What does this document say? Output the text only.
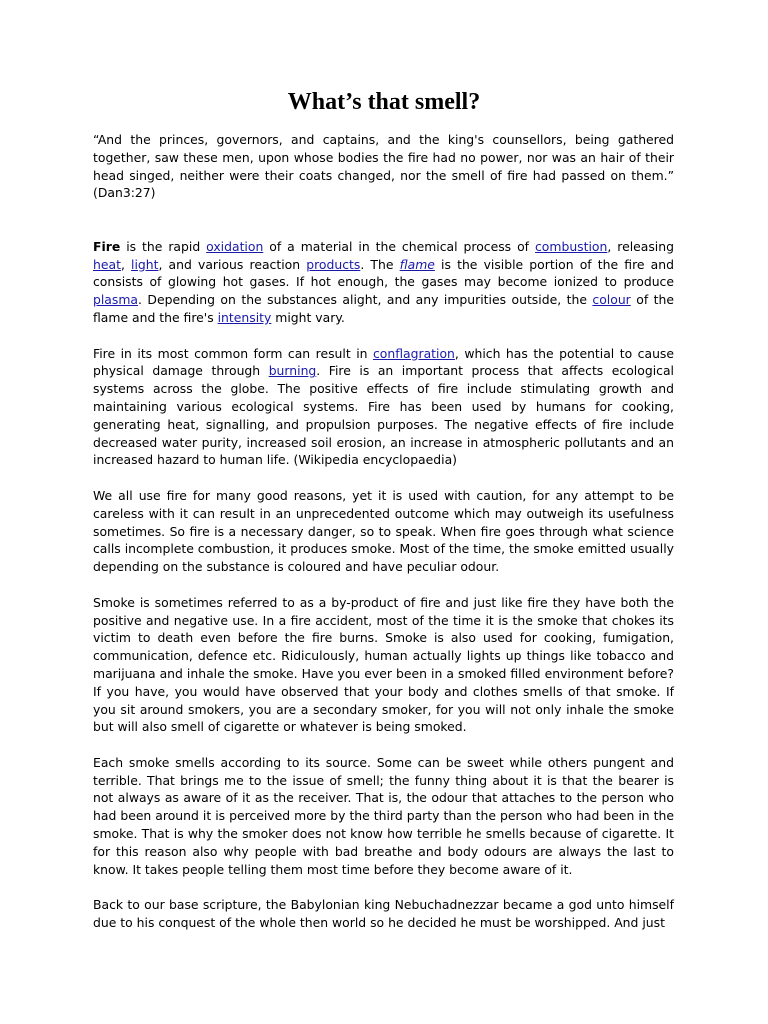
What’s that smell?

“And the princes, governors, and captains, and the king's counsellors, being gathered together, saw these men, upon whose bodies the fire had no power, nor was an hair of their head singed, neither were their coats changed, nor the smell of fire had passed on them.” (Dan3:27)

Fire is the rapid oxidation of a material in the chemical process of combustion, releasing heat, light, and various reaction products. The flame is the visible portion of the fire and consists of glowing hot gases. If hot enough, the gases may become ionized to produce plasma. Depending on the substances alight, and any impurities outside, the colour of the flame and the fire's intensity might vary.

Fire in its most common form can result in conflagration, which has the potential to cause physical damage through burning. Fire is an important process that affects ecological systems across the globe. The positive effects of fire include stimulating growth and maintaining various ecological systems. Fire has been used by humans for cooking, generating heat, signalling, and propulsion purposes. The negative effects of fire include decreased water purity, increased soil erosion, an increase in atmospheric pollutants and an increased hazard to human life. (Wikipedia encyclopaedia)

We all use fire for many good reasons, yet it is used with caution, for any attempt to be careless with it can result in an unprecedented outcome which may outweigh its usefulness sometimes. So fire is a necessary danger, so to speak. When fire goes through what science calls incomplete combustion, it produces smoke. Most of the time, the smoke emitted usually depending on the substance is coloured and have peculiar odour.

Smoke is sometimes referred to as a by-product of fire and just like fire they have both the positive and negative use. In a fire accident, most of the time it is the smoke that chokes its victim to death even before the fire burns. Smoke is also used for cooking, fumigation, communication, defence etc. Ridiculously, human actually lights up things like tobacco and marijuana and inhale the smoke. Have you ever been in a smoked filled environment before? If you have, you would have observed that your body and clothes smells of that smoke. If you sit around smokers, you are a secondary smoker, for you will not only inhale the smoke but will also smell of cigarette or whatever is being smoked.

Each smoke smells according to its source. Some can be sweet while others pungent and terrible. That brings me to the issue of smell; the funny thing about it is that the bearer is not always as aware of it as the receiver. That is, the odour that attaches to the person who had been around it is perceived more by the third party than the person who had been in the smoke. That is why the smoker does not know how terrible he smells because of cigarette. It for this reason also why people with bad breathe and body odours are always the last to know. It takes people telling them most time before they become aware of it.

Back to our base scripture, the Babylonian king Nebuchadnezzar became a god unto himself due to his conquest of the whole then world so he decided he must be worshipped. And just
